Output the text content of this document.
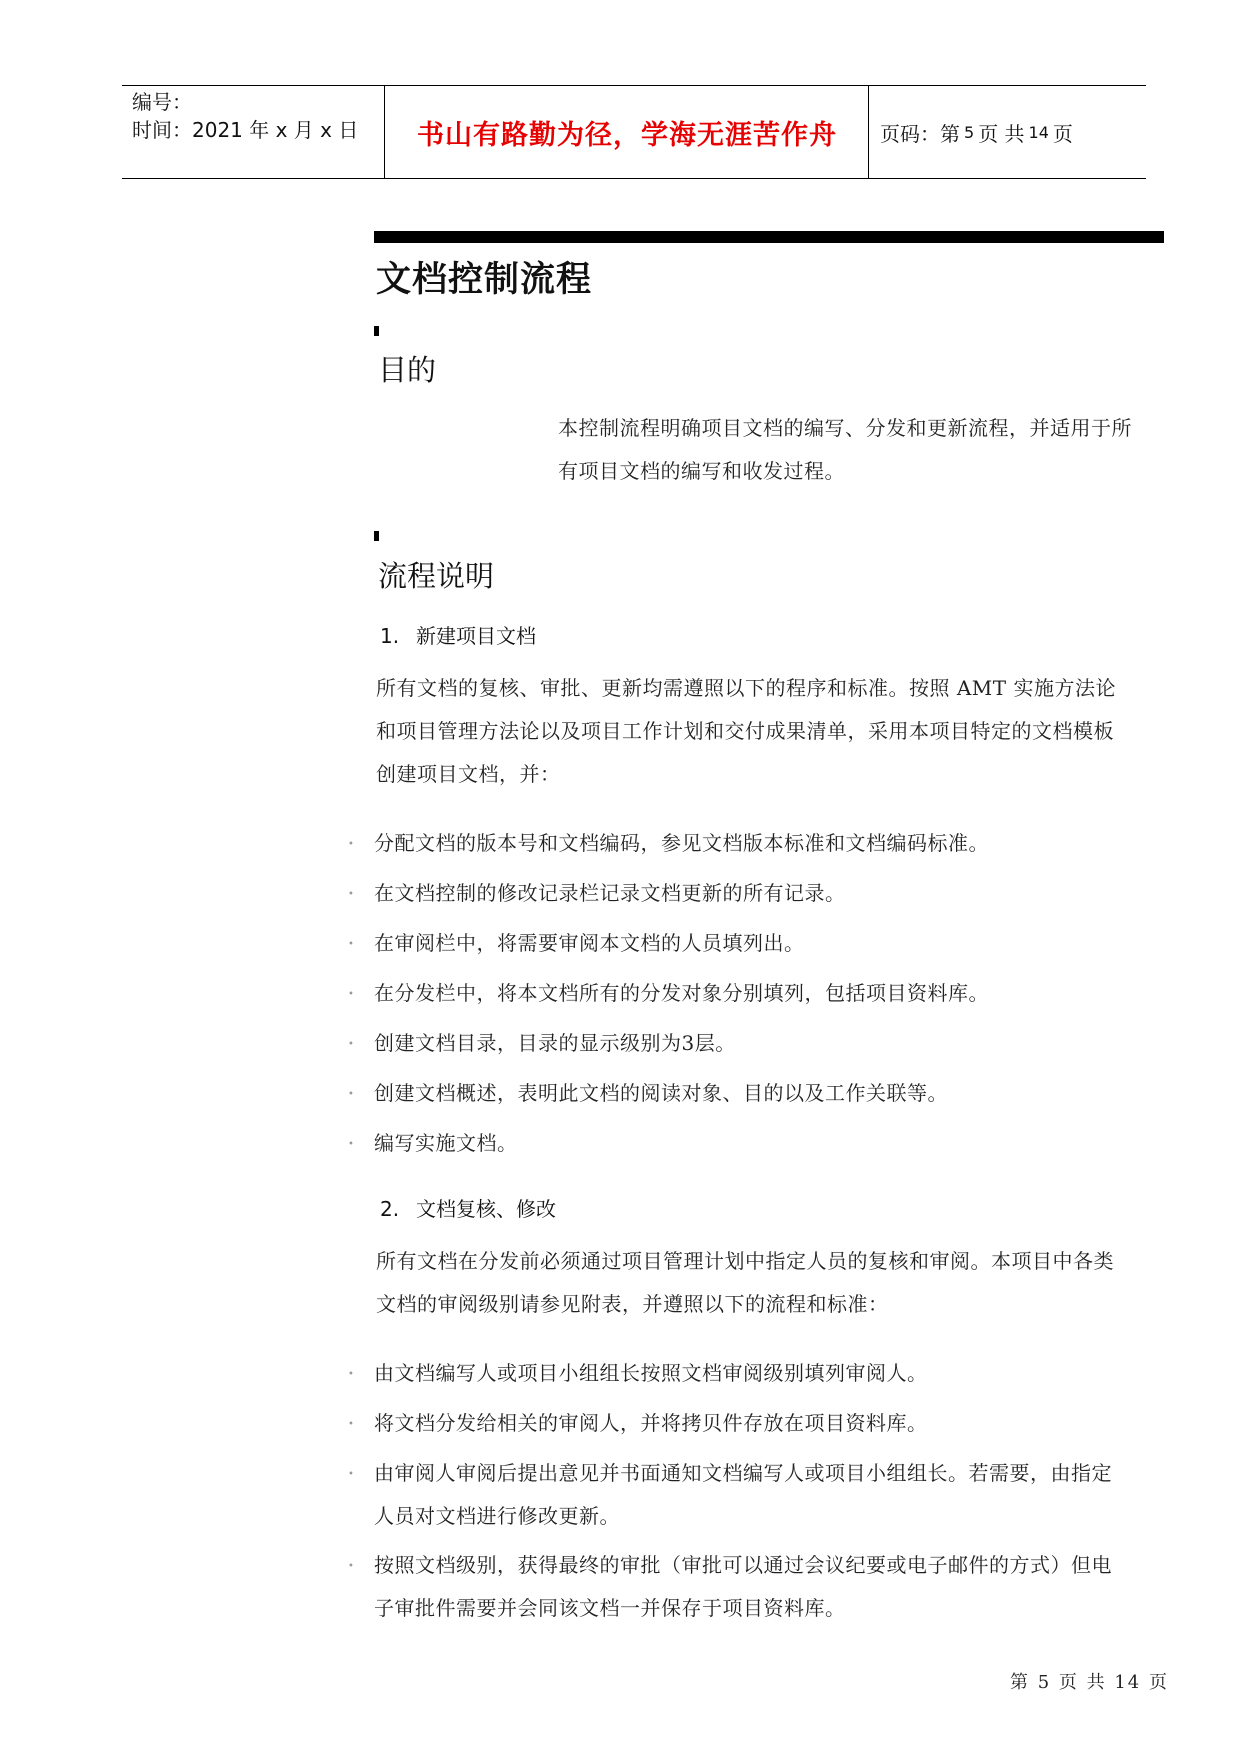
编号：
时间：2021 年 x 月 x 日	书山有路勤为径，学海无涯苦作舟	页码：第 5 页 共 14 页
文档控制流程
目的
本控制流程明确项目文档的编写、分发和更新流程，并适用于所
有项目文档的编写和收发过程。
流程说明
1. 新建项目文档
所有文档的复核、审批、更新均需遵照以下的程序和标准。按照 AMT 实施方法论
和项目管理方法论以及项目工作计划和交付成果清单，采用本项目特定的文档模板
创建项目文档，并：
• 分配文档的版本号和文档编码，参见文档版本标准和文档编码标准。
• 在文档控制的修改记录栏记录文档更新的所有记录。
• 在审阅栏中，将需要审阅本文档的人员填列出。
• 在分发栏中，将本文档所有的分发对象分别填列，包括项目资料库。
• 创建文档目录，目录的显示级别为3层。
• 创建文档概述，表明此文档的阅读对象、目的以及工作关联等。
• 编写实施文档。
2. 文档复核、修改
所有文档在分发前必须通过项目管理计划中指定人员的复核和审阅。本项目中各类
文档的审阅级别请参见附表，并遵照以下的流程和标准：
• 由文档编写人或项目小组组长按照文档审阅级别填列审阅人。
• 将文档分发给相关的审阅人，并将拷贝件存放在项目资料库。
• 由审阅人审阅后提出意见并书面通知文档编写人或项目小组组长。若需要，由指定
人员对文档进行修改更新。
• 按照文档级别，获得最终的审批（审批可以通过会议纪要或电子邮件的方式）但电
子审批件需要并会同该文档一并保存于项目资料库。
第 5 页 共 14 页
